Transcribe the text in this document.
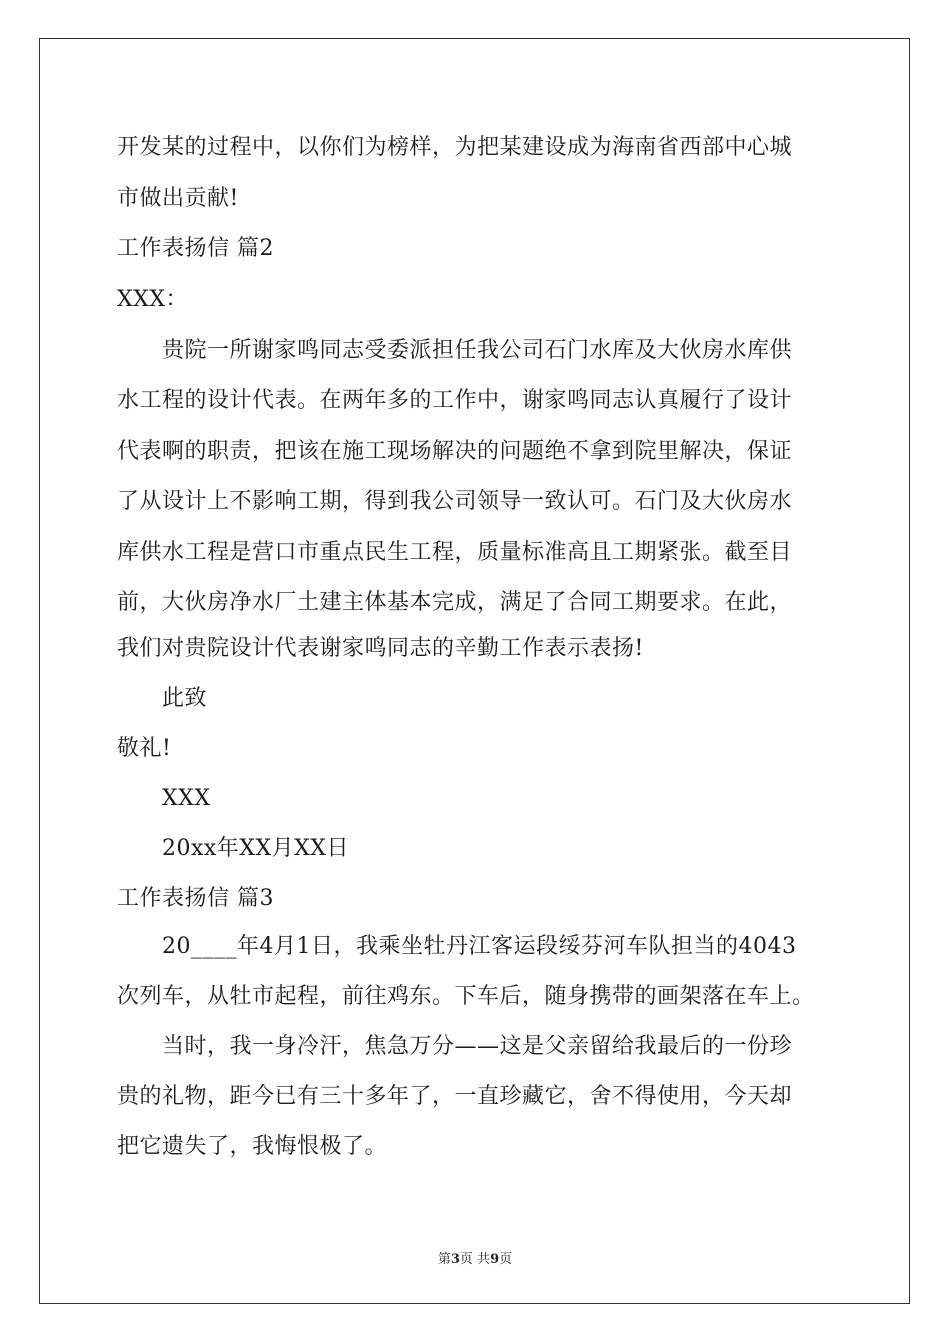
开发某的过程中，以你们为榜样，为把某建设成为海南省西部中心城
市做出贡献!
工作表扬信 篇2
XXX：
贵院一所谢家鸣同志受委派担任我公司石门水库及大伙房水库供
水工程的设计代表。在两年多的工作中，谢家鸣同志认真履行了设计
代表啊的职责，把该在施工现场解决的问题绝不拿到院里解决，保证
了从设计上不影响工期，得到我公司领导一致认可。石门及大伙房水
库供水工程是营口市重点民生工程，质量标准高且工期紧张。截至目
前，大伙房净水厂土建主体基本完成，满足了合同工期要求。在此，
我们对贵院设计代表谢家鸣同志的辛勤工作表示表扬!
此致
敬礼!
XXX
20xx年XX月XX日
工作表扬信 篇3
20____年4月1日，我乘坐牡丹江客运段绥芬河车队担当的4043
次列车，从牡市起程，前往鸡东。下车后，随身携带的画架落在车上。
当时，我一身冷汗，焦急万分——这是父亲留给我最后的一份珍
贵的礼物，距今已有三十多年了，一直珍藏它，舍不得使用，今天却
把它遗失了，我悔恨极了。
第3页 共9页
